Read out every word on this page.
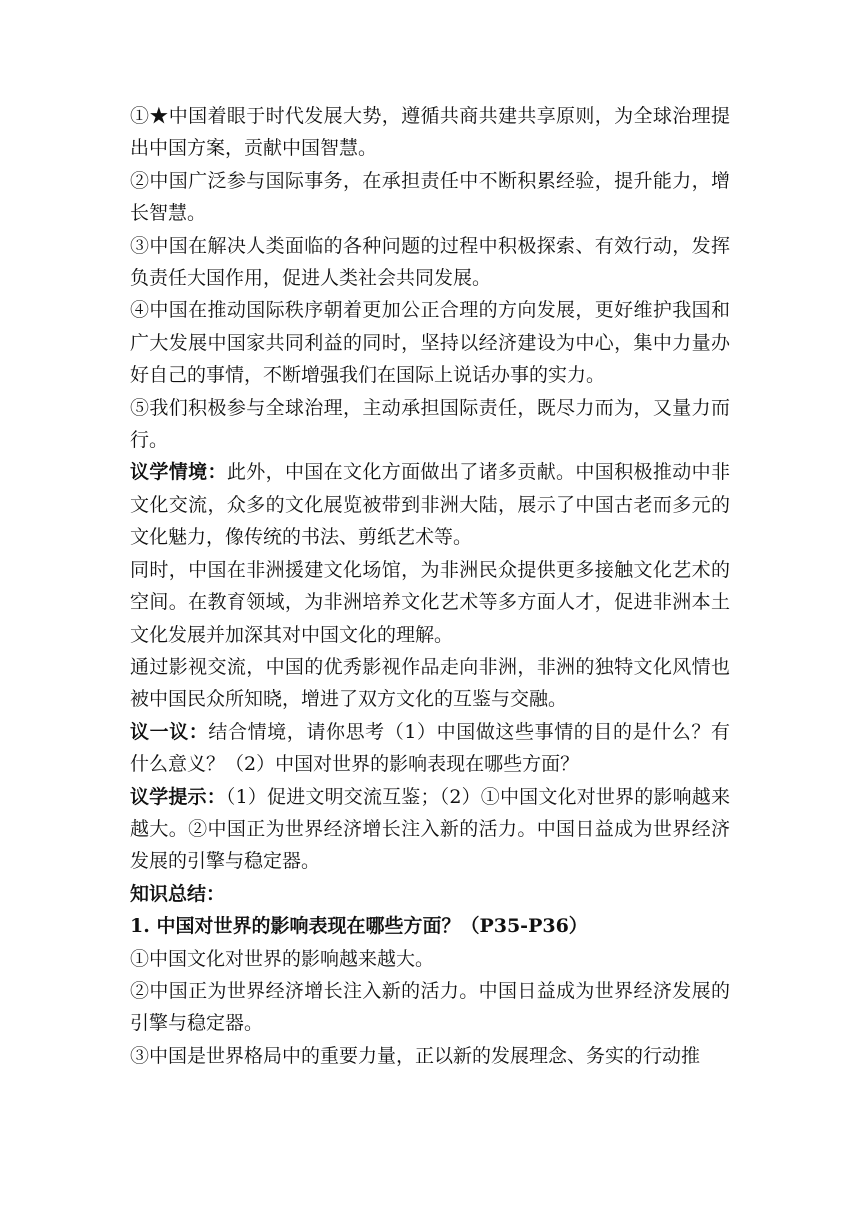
①★中国着眼于时代发展大势，遵循共商共建共享原则，为全球治理提出中国方案，贡献中国智慧。

②中国广泛参与国际事务，在承担责任中不断积累经验，提升能力，增长智慧。

③中国在解决人类面临的各种问题的过程中积极探索、有效行动，发挥负责任大国作用，促进人类社会共同发展。

④中国在推动国际秩序朝着更加公正合理的方向发展，更好维护我国和广大发展中国家共同利益的同时，坚持以经济建设为中心，集中力量办好自己的事情，不断增强我们在国际上说话办事的实力。

⑤我们积极参与全球治理，主动承担国际责任，既尽力而为，又量力而行。

议学情境：此外，中国在文化方面做出了诸多贡献。中国积极推动中非文化交流，众多的文化展览被带到非洲大陆，展示了中国古老而多元的文化魅力，像传统的书法、剪纸艺术等。

同时，中国在非洲援建文化场馆，为非洲民众提供更多接触文化艺术的空间。在教育领域，为非洲培养文化艺术等多方面人才，促进非洲本土文化发展并加深其对中国文化的理解。

通过影视交流，中国的优秀影视作品走向非洲，非洲的独特文化风情也被中国民众所知晓，增进了双方文化的互鉴与交融。

议一议：结合情境，请你思考（1）中国做这些事情的目的是什么？有什么意义？（2）中国对世界的影响表现在哪些方面？

议学提示：（1）促进文明交流互鉴；（2）①中国文化对世界的影响越来越大。②中国正为世界经济增长注入新的活力。中国日益成为世界经济发展的引擎与稳定器。

知识总结：

1. 中国对世界的影响表现在哪些方面？（P35-P36）

①中国文化对世界的影响越来越大。

②中国正为世界经济增长注入新的活力。中国日益成为世界经济发展的引擎与稳定器。

③中国是世界格局中的重要力量，正以新的发展理念、务实的行动推
